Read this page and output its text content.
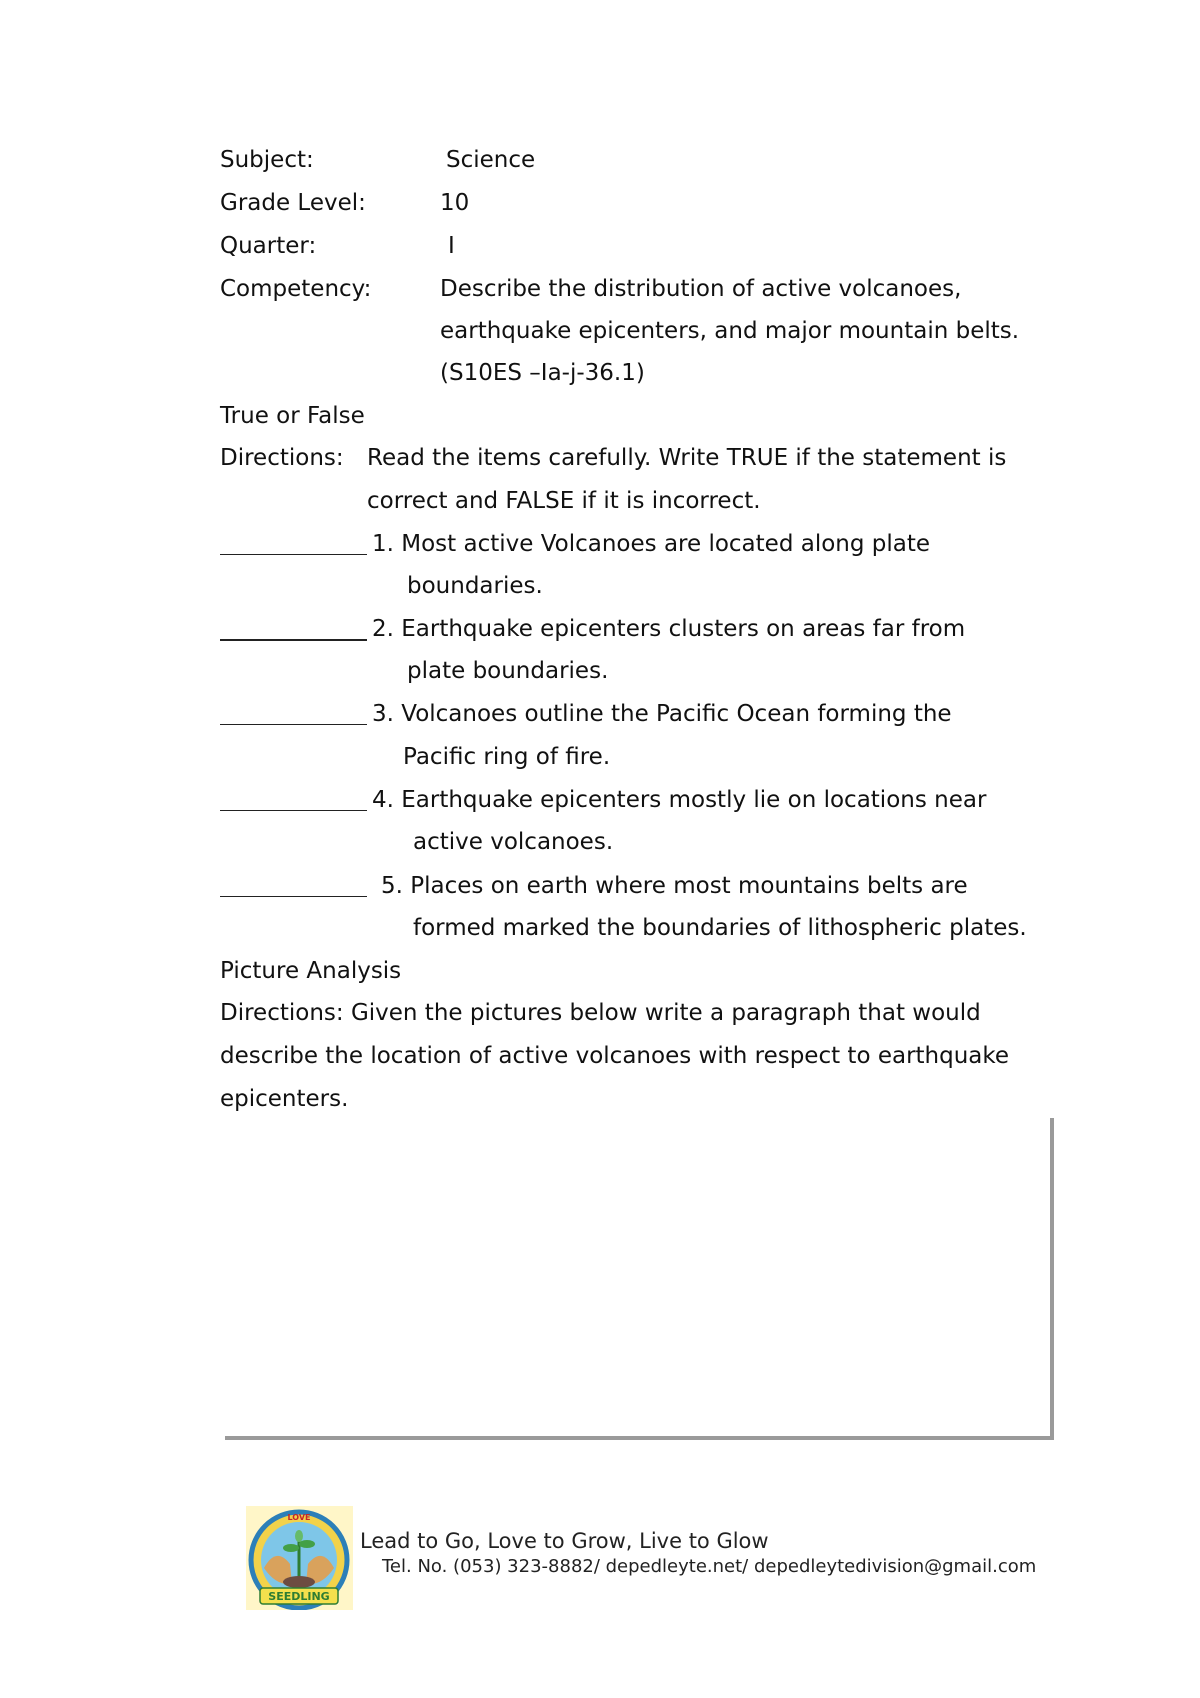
Subject:	Science
Grade Level:	10
Quarter:	I
Competency:	Describe the distribution of active volcanoes,
earthquake epicenters, and major mountain belts.
(S10ES –Ia-j-36.1)
True or False
Directions: Read the items carefully. Write TRUE if the statement is
correct and FALSE if it is incorrect.
1. Most active Volcanoes are located along plate
boundaries.
2. Earthquake epicenters clusters on areas far from
plate boundaries.
3. Volcanoes outline the Pacific Ocean forming the
Pacific ring of fire.
4. Earthquake epicenters mostly lie on locations near
active volcanoes.
5. Places on earth where most mountains belts are
formed marked the boundaries of lithospheric plates.
Picture Analysis
Directions: Given the pictures below write a paragraph that would
describe the location of active volcanoes with respect to earthquake
epicenters.
SEEDLING
LOVE
Lead to Go, Love to Grow, Live to Glow
Tel. No. (053) 323-8882/ depedleyte.net/ depedleytedivision@gmail.com
